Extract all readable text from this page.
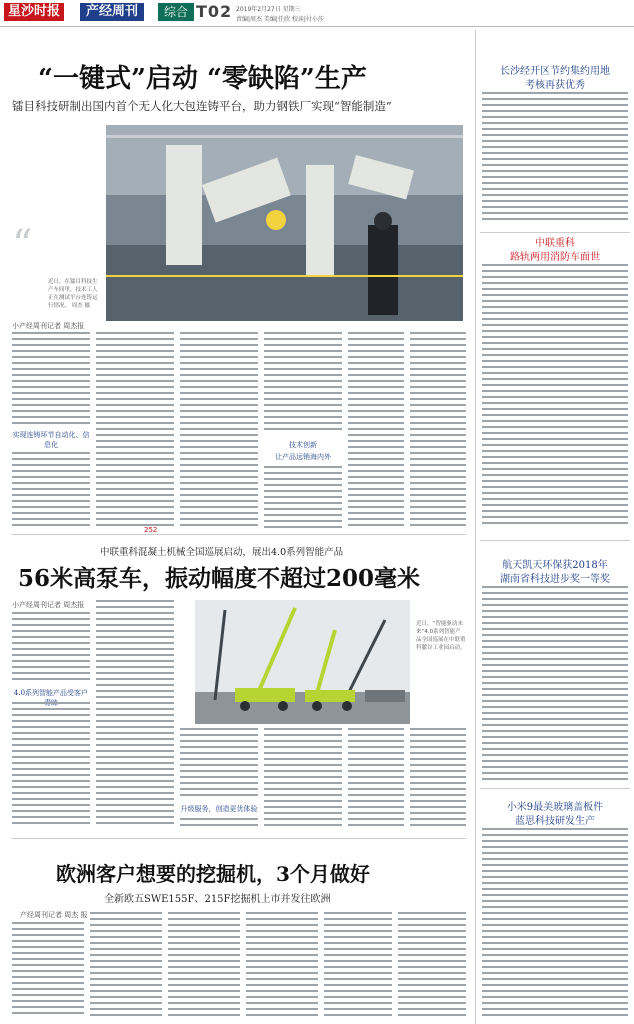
星沙时报	产经周刊	综合 T02 2019年2月27日 星期三
责编|周杰 美编|任欣 校读|付小莎
“一键式”启动 “零缺陷”生产
镭目科技研制出国内首个无人化大包连铸平台，助力钢铁厂实现“智能制造”
“
近日，在镭目科技生产车间里，技术工人正在测试平台连铸运行情况。 周杰 摄
小产经周刊记者 周杰报
实现连铸环节自动化、信息化	技术创新
让产品远销海内外
252
中联重科混凝土机械全国巡展启动，展出4.0系列智能产品
56米高泵车，振动幅度不超过200毫米
小产经周刊记者 周杰报
4.0系列智能产品受客户
近日，“智能驱动未来”4.0系列智能产品全国巡展在中联重科麓谷工业园启动。
升级服务，创造更优体验
欧洲客户想要的挖掘机，3个月做好
全新欧五SWE155F、215F挖掘机上市并发往欧洲
产经周刊记者 周杰 报
长沙经开区节约集约用地
考核再获优秀
中联重科
路轨两用消防车面世
航天凯天环保获2018年
湖南省科技进步奖一等奖
小米9最美玻璃盖板件
蓝思科技研发生产
